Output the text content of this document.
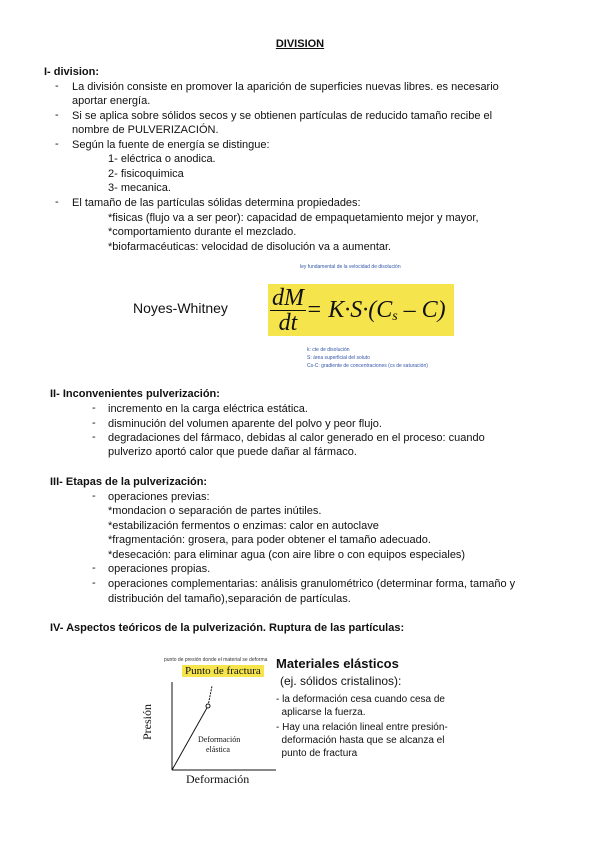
DIVISION
I- division:
- La división consiste en promover la aparición de superficies nuevas libres. es necesario
aportar energía.
- Si se aplica sobre sólidos secos y se obtienen partículas de reducido tamaño recibe el
nombre de PULVERIZACIÓN.
- Según la fuente de energía se distingue:
1- eléctrica o anodica.
2- fisicoquimica
3- mecanica.
- El tamaño de las partículas sólidas determina propiedades:
*fisicas (flujo va a ser peor): capacidad de empaquetamiento mejor y mayor,
*comportamiento durante el mezclado.
*biofarmacéuticas: velocidad de disolución va a aumentar.
ley fundamental de la velocidad de disolución
Noyes-Whitney $\frac{dM}{dt} = K\cdot S\cdot(C_s - C)$
k: cte de disolución
S: área superficial del soluto
Cs-C: gradiente de concentraciones (cs de saturación)
II- Inconvenientes pulverización:
- incremento en la carga eléctrica estática.
- disminución del volumen aparente del polvo y peor flujo.
- degradaciones del fármaco, debidas al calor generado en el proceso: cuando
pulverizo aportó calor que puede dañar al fármaco.
III- Etapas de la pulverización:
- operaciones previas:
*mondacion o separación de partes inútiles.
*estabilización fermentos o enzimas: calor en autoclave
*fragmentación: grosera, para poder obtener el tamaño adecuado.
*desecación: para eliminar agua (con aire libre o con equipos especiales)
- operaciones propias.
- operaciones complementarias: análisis granulométrico (determinar forma, tamaño y
distribución del tamaño),separación de partículas.
IV- Aspectos teóricos de la pulverización. Ruptura de las partículas:
punto de presión donde el material se deforma
Punto de fractura
Presión
Deformación
Deformación
elástica
Materiales elásticos
(ej. sólidos cristalinos):
- la deformación cesa cuando cesa de
aplicarse la fuerza.
- Hay una relación lineal entre presión-
deformación hasta que se alcanza el
punto de fractura
